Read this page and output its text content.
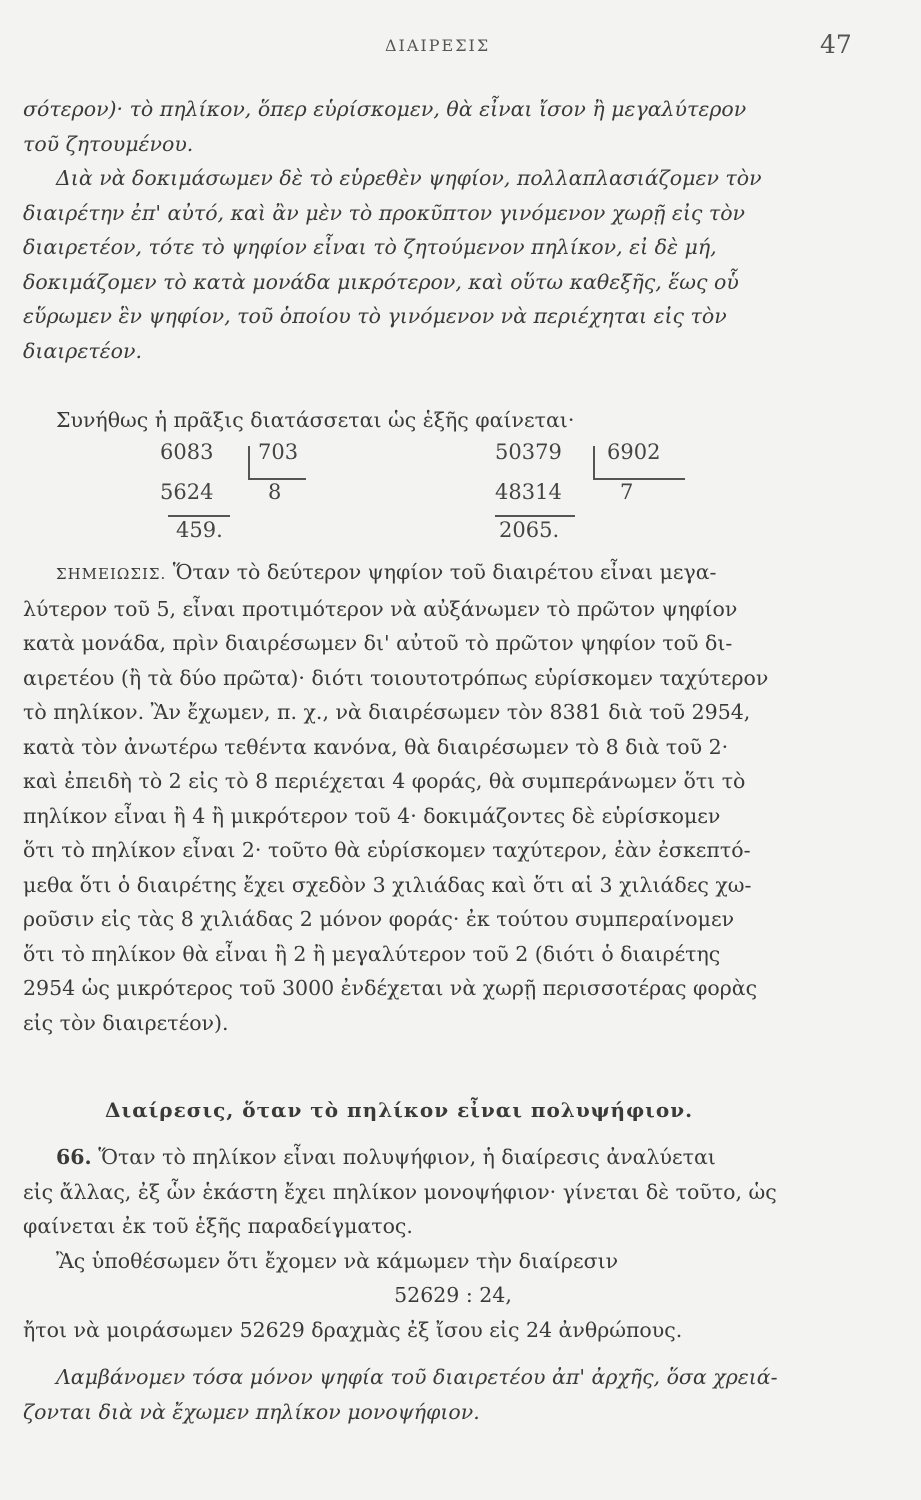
ΔΙΑΙΡΕΣΙΣ	47

σότερον)· τὸ πηλίκον, ὅπερ εὑρίσκομεν, θὰ εἶναι ἴσον ἢ μεγαλύτερον

τοῦ ζητουμένου.

Διὰ νὰ δοκιμάσωμεν δὲ τὸ εὑρεθὲν ψηφίον, πολλαπλασιάζομεν τὸν

διαιρέτην ἐπ' αὐτό, καὶ ἂν μὲν τὸ προκῦπτον γινόμενον χωρῇ εἰς τὸν

διαιρετέον, τότε τὸ ψηφίον εἶναι τὸ ζητούμενον πηλίκον, εἰ δὲ μή,

δοκιμάζομεν τὸ κατὰ μονάδα μικρότερον, καὶ οὕτω καθεξῆς, ἕως οὗ

εὕρωμεν ἓν ψηφίον, τοῦ ὁποίου τὸ γινόμενον νὰ περιέχηται εἰς τὸν

διαιρετέον.

Συνήθως ἡ πρᾶξις διατάσσεται ὡς ἑξῆς φαίνεται·

6083 703
5624	8
459.
50379 6902
48314	7
2065.

ΣΗΜΕΙΩΣΙΣ. Ὅταν τὸ δεύτερον ψηφίον τοῦ διαιρέτου εἶναι μεγα-

λύτερον τοῦ 5, εἶναι προτιμότερον νὰ αὐξάνωμεν τὸ πρῶτον ψηφίον

κατὰ μονάδα, πρὶν διαιρέσωμεν δι' αὐτοῦ τὸ πρῶτον ψηφίον τοῦ δι-

αιρετέου (ἢ τὰ δύο πρῶτα)· διότι τοιουτοτρόπως εὑρίσκομεν ταχύτερον

τὸ πηλίκον. Ἂν ἔχωμεν, π. χ., νὰ διαιρέσωμεν τὸν 8381 διὰ τοῦ 2954,

κατὰ τὸν ἀνωτέρω τεθέντα κανόνα, θὰ διαιρέσωμεν τὸ 8 διὰ τοῦ 2·

καὶ ἐπειδὴ τὸ 2 εἰς τὸ 8 περιέχεται 4 φοράς, θὰ συμπεράνωμεν ὅτι τὸ

πηλίκον εἶναι ἢ 4 ἢ μικρότερον τοῦ 4· δοκιμάζοντες δὲ εὑρίσκομεν

ὅτι τὸ πηλίκον εἶναι 2· τοῦτο θὰ εὑρίσκομεν ταχύτερον, ἐὰν ἐσκεπτό-

μεθα ὅτι ὁ διαιρέτης ἔχει σχεδὸν 3 χιλιάδας καὶ ὅτι αἱ 3 χιλιάδες χω-

ροῦσιν εἰς τὰς 8 χιλιάδας 2 μόνον φοράς· ἐκ τούτου συμπεραίνομεν

ὅτι τὸ πηλίκον θὰ εἶναι ἢ 2 ἢ μεγαλύτερον τοῦ 2 (διότι ὁ διαιρέτης

2954 ὡς μικρότερος τοῦ 3000 ἐνδέχεται νὰ χωρῇ περισσοτέρας φορὰς

εἰς τὸν διαιρετέον).

Διαίρεσις, ὅταν τὸ πηλίκον εἶναι πολυψήφιον.

66. Ὅταν τὸ πηλίκον εἶναι πολυψήφιον, ἡ διαίρεσις ἀναλύεται

εἰς ἄλλας, ἐξ ὧν ἑκάστη ἔχει πηλίκον μονοψήφιον· γίνεται δὲ τοῦτο, ὡς

φαίνεται ἐκ τοῦ ἑξῆς παραδείγματος.

Ἂς ὑποθέσωμεν ὅτι ἔχομεν νὰ κάμωμεν τὴν διαίρεσιν

52629 : 24,

ἤτοι νὰ μοιράσωμεν 52629 δραχμὰς ἐξ ἴσου εἰς 24 ἀνθρώπους.

Λαμβάνομεν τόσα μόνον ψηφία τοῦ διαιρετέου ἀπ' ἀρχῆς, ὅσα χρειά-

ζονται διὰ νὰ ἔχωμεν πηλίκον μονοψήφιον.
